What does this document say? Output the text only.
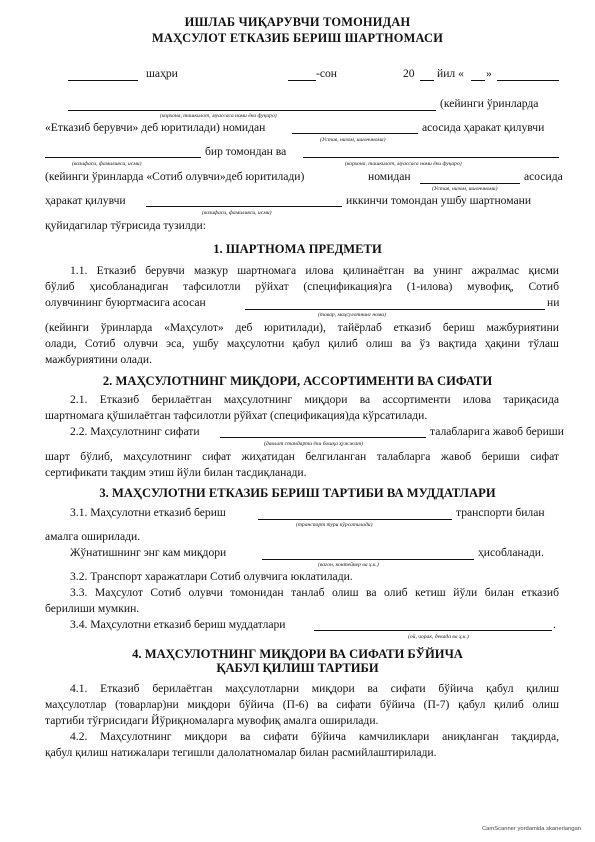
ИШЛАБ ЧИҚАРУВЧИ ТОМОНИДАН
МАҲСУЛОТ ЕТКАЗИБ БЕРИШ ШАРТНОМАСИ
шаҳри	-сон	20 йил « »
(кейинги ўринларда
(корхона, ташкилот, муассаса номи ёки фуқаро)
«Етказиб берувчи» деб юритилади) номидан	асосида ҳаракат қилувчи
(Устав, низом, ишончнома)
бир томондан ва
(вазифаси, фамилияси, исми)	(корхона, ташкилот, муассаса номи ёки фуқаро)
(кейинги ўринларда «Сотиб олувчи»деб юритилади)	номидан	асосида
(Устав, низом, ишончнома)
ҳаракат қилувчи	иккинчи томондан ушбу шартномани
(вазифаси, фамилияси, исми)
қуйидагилар тўғрисида тузилди:
1. ШАРТНОМА ПРЕДМЕТИ
1.1. Етказиб берувчи мазкур шартномага илова қилинаётган ва унинг ажралмас қисми
бўлиб ҳисобланадиган тафсилотли рўйхат (спецификация)га (1-илова) мувофиқ, Сотиб
олувчининг буюртмасига асосан	ни
(товар, маҳсулотнинг номи)
(кейинги ўринларда «Маҳсулот» деб юритилади), тайёрлаб етказиб бериш мажбуриятини
олади, Сотиб олувчи эса, ушбу маҳсулотни қабул қилиб олиш ва ўз вақтида ҳақини тўлаш
мажбуриятини олади.
2. МАҲСУЛОТНИНГ МИҚДОРИ, АССОРТИМЕНТИ ВА СИФАТИ
2.1. Етказиб берилаётган маҳсулотнинг миқдори ва ассортименти илова тариқасида
шартномага қўшилаётган тафсилотли рўйхат (спецификация)да кўрсатилади.
2.2. Маҳсулотнинг сифати	талабларига жавоб бериши
(давлат стандарти ёки бошқа ҳужжат)
шарт бўлиб, маҳсулотнинг сифат жиҳатидан белгиланган талабларга жавоб бериши сифат
сертификати тақдим этиш йўли билан тасдиқланади.
3. МАҲСУЛОТНИ ЕТКАЗИБ БЕРИШ ТАРТИБИ ВА МУДДАТЛАРИ
3.1. Маҳсулотни етказиб бериш	транспорти билан
(транспорт тури кўрсатилади)
амалга оширилади.
Жўнатишнинг энг кам миқдори	ҳисобланади.
(вагон, контейнер ва ҳ.к.)
3.2. Транспорт харажатлари Сотиб олувчига юклатилади.
3.3. Маҳсулот Сотиб олувчи томонидан танлаб олиш ва олиб кетиш йўли билан етказиб
берилиши мумкин.
3.4. Маҳсулотни етказиб бериш муддатлари	.
(ой, чорак, декада ва ҳ.к.)
4. МАҲСУЛОТНИНГ МИҚДОРИ ВА СИФАТИ БЎЙИЧА
ҚАБУЛ ҚИЛИШ ТАРТИБИ
4.1. Етказиб берилаётган маҳсулотларни миқдори ва сифати бўйича қабул қилиш
маҳсулотлар (товарлар)ни миқдори бўйича (П-6) ва сифати бўйича (П-7) қабул қилиб олиш
тартиби тўғрисидаги Йўриқномаларга мувофиқ амалга оширилади.
4.2. Маҳсулотнинг миқдори ва сифати бўйича камчиликлари аниқланган тақдирда,
қабул қилиш натижалари тегишли далолатномалар билан расмийлаштирилади.
CamScanner yordamida skanerlangan
